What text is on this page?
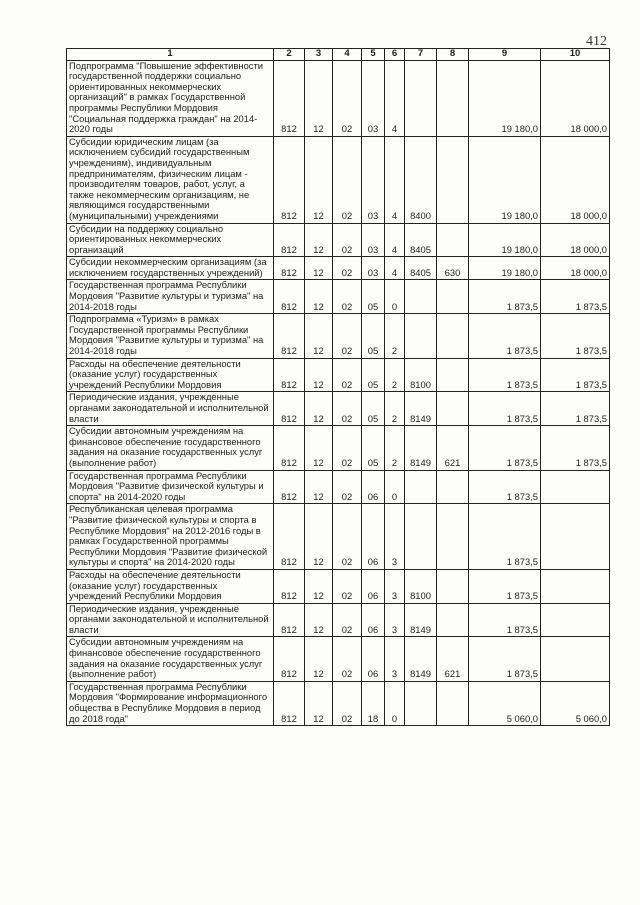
412
1	2	3	4	5	6	7	8	9	10
Подпрограмма "Повышение эффективности государственной поддержки социально ориентированных некоммерческих организаций" в рамках Государственной программы Республики Мордовия "Социальная поддержка граждан" на 2014-2020 годы	812	12	02	03	4			19 180,0	18 000,0
Субсидии юридическим лицам (за исключением субсидий государственным учреждениям), индивидуальным предпринимателям, физическим лицам - производителям товаров, работ, услуг, а также некоммерческим организациям, не являющимся государственными (муниципальными) учреждениями	812	12	02	03	4	8400		19 180,0	18 000,0
Субсидии на поддержку социально ориентированных некоммерческих организаций	812	12	02	03	4	8405		19 180,0	18 000,0
Субсидии некоммерческим организациям (за исключением государственных учреждений)	812	12	02	03	4	8405	630	19 180,0	18 000,0
Государственная программа Республики Мордовия "Развитие культуры и туризма" на 2014-2018 годы	812	12	02	05	0			1 873,5	1 873,5
Подпрограмма «Туризм» в рамках Государственной программы Республики Мордовия "Развитие культуры и туризма" на 2014-2018 годы	812	12	02	05	2			1 873,5	1 873,5
Расходы на обеспечение деятельности (оказание услуг) государственных учреждений Республики Мордовия	812	12	02	05	2	8100		1 873,5	1 873,5
Периодические издания, учрежденные органами законодательной и исполнительной власти	812	12	02	05	2	8149		1 873,5	1 873,5
Субсидии автономным учреждениям на финансовое обеспечение государственного задания на оказание государственных услуг (выполнение работ)	812	12	02	05	2	8149	621	1 873,5	1 873,5
Государственная программа Республики Мордовия "Развитие физической культуры и спорта" на 2014-2020 годы	812	12	02	06	0			1 873,5	
Республиканская целевая программа "Развитие физической культуры и спорта в Республике Мордовия" на 2012-2016 годы в рамках Государственной программы Республики Мордовия "Развитие физической культуры и спорта" на 2014-2020 годы	812	12	02	06	3			1 873,5	
Расходы на обеспечение деятельности (оказание услуг) государственных учреждений Республики Мордовия	812	12	02	06	3	8100		1 873,5	
Периодические издания, учрежденные органами законодательной и исполнительной власти	812	12	02	06	3	8149		1 873,5	
Субсидии автономным учреждениям на финансовое обеспечение государственного задания на оказание государственных услуг (выполнение работ)	812	12	02	06	3	8149	621	1 873,5	
Государственная программа Республики Мордовия "Формирование информационного общества в Республике Мордовия в период до 2018 года"	812	12	02	18	0			5 060,0	5 060,0
